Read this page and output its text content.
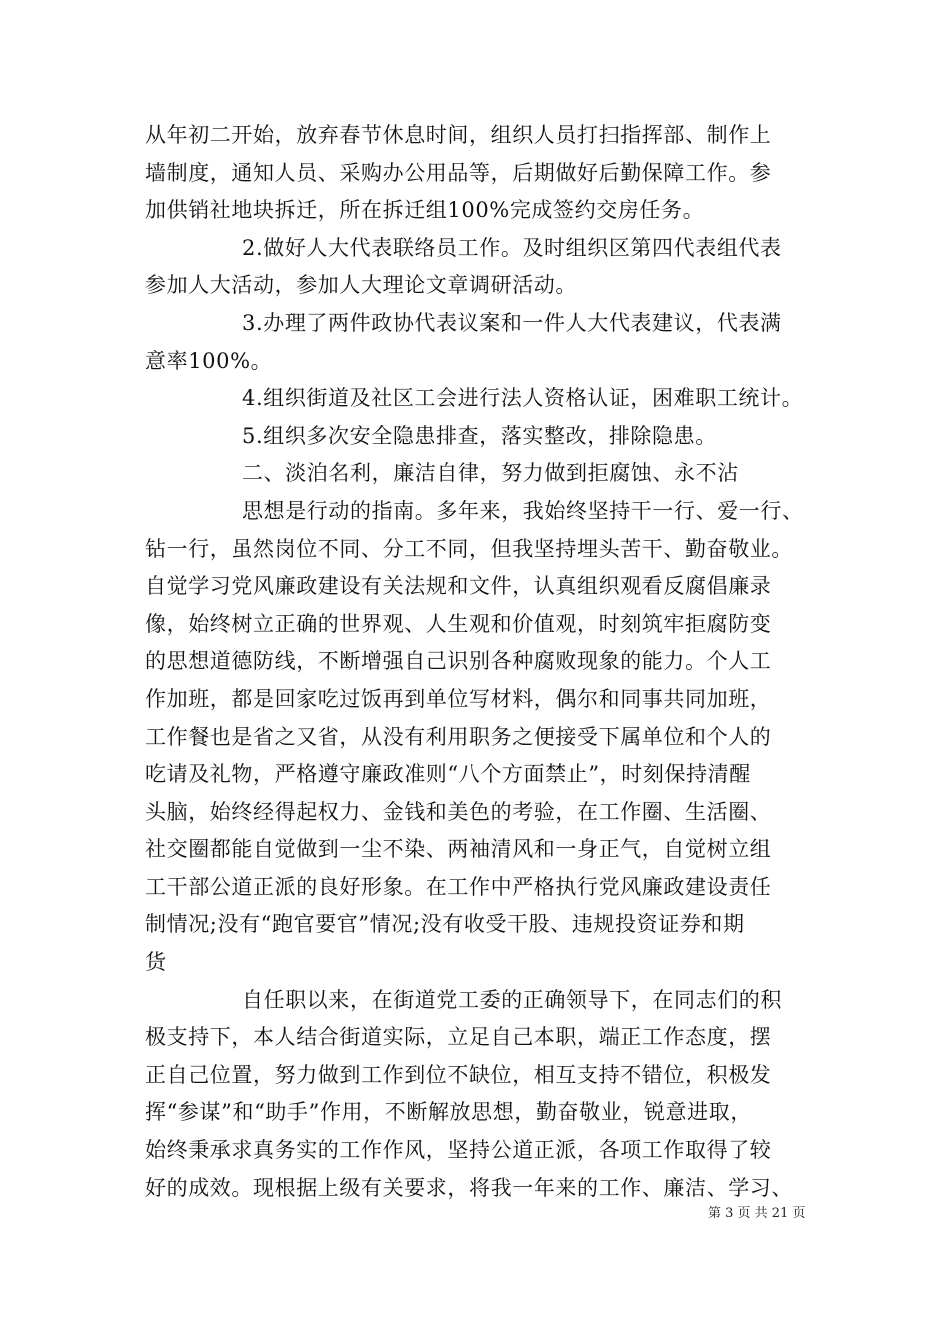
从年初二开始，放弃春节休息时间，组织人员打扫指挥部、制作上
墙制度，通知人员、采购办公用品等，后期做好后勤保障工作。参
加供销社地块拆迁，所在拆迁组100%完成签约交房任务。
2.做好人大代表联络员工作。及时组织区第四代表组代表
参加人大活动，参加人大理论文章调研活动。
3.办理了两件政协代表议案和一件人大代表建议，代表满
意率100%。
4.组织街道及社区工会进行法人资格认证，困难职工统计。
5.组织多次安全隐患排查，落实整改，排除隐患。
二、淡泊名利，廉洁自律，努力做到拒腐蚀、永不沾
思想是行动的指南。多年来，我始终坚持干一行、爱一行、
钻一行，虽然岗位不同、分工不同，但我坚持埋头苦干、勤奋敬业。
自觉学习党风廉政建设有关法规和文件，认真组织观看反腐倡廉录
像，始终树立正确的世界观、人生观和价值观，时刻筑牢拒腐防变
的思想道德防线，不断增强自己识别各种腐败现象的能力。个人工
作加班，都是回家吃过饭再到单位写材料，偶尔和同事共同加班，
工作餐也是省之又省，从没有利用职务之便接受下属单位和个人的
吃请及礼物，严格遵守廉政准则“八个方面禁止”，时刻保持清醒
头脑，始终经得起权力、金钱和美色的考验，在工作圈、生活圈、
社交圈都能自觉做到一尘不染、两袖清风和一身正气，自觉树立组
工干部公道正派的良好形象。在工作中严格执行党风廉政建设责任
制情况;没有“跑官要官”情况;没有收受干股、违规投资证券和期
货
自任职以来，在街道党工委的正确领导下，在同志们的积
极支持下，本人结合街道实际，立足自己本职，端正工作态度，摆
正自己位置，努力做到工作到位不缺位，相互支持不错位，积极发
挥“参谋”和“助手”作用，不断解放思想，勤奋敬业，锐意进取，
始终秉承求真务实的工作作风，坚持公道正派，各项工作取得了较
好的成效。现根据上级有关要求，将我一年来的工作、廉洁、学习、
第 3 页 共 21 页
